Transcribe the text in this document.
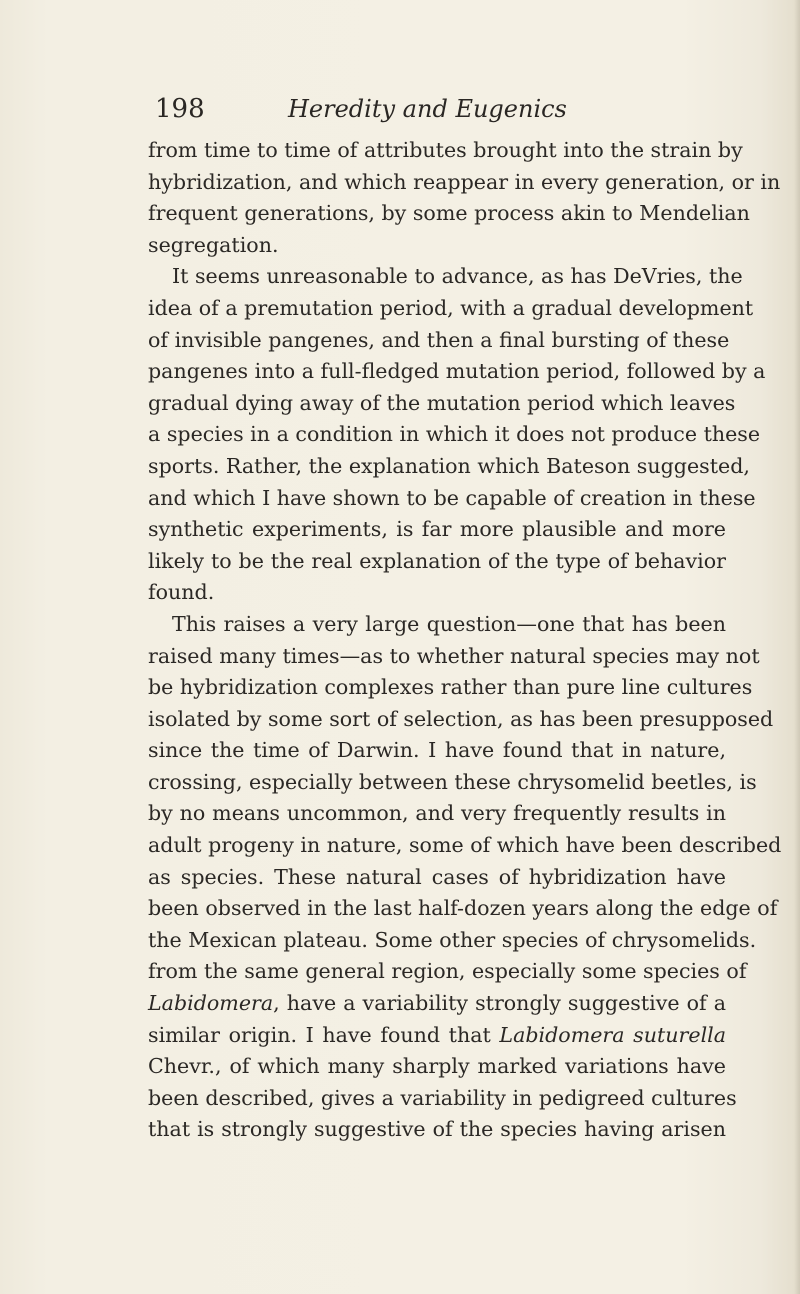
198	Heredity and Eugenics
from time to time of attributes brought into the strain by
hybridization, and which reappear in every generation, or in
frequent generations, by some process akin to Mendelian
segregation.
It seems unreasonable to advance, as has DeVries, the
idea of a premutation period, with a gradual development
of invisible pangenes, and then a final bursting of these
pangenes into a full-fledged mutation period, followed by a
gradual dying away of the mutation period which leaves
a species in a condition in which it does not produce these
sports. Rather, the explanation which Bateson suggested,
and which I have shown to be capable of creation in these
synthetic experiments, is far more plausible and more
likely to be the real explanation of the type of behavior
found.
This raises a very large question—one that has been
raised many times—as to whether natural species may not
be hybridization complexes rather than pure line cultures
isolated by some sort of selection, as has been presupposed
since the time of Darwin. I have found that in nature,
crossing, especially between these chrysomelid beetles, is
by no means uncommon, and very frequently results in
adult progeny in nature, some of which have been described
as species. These natural cases of hybridization have
been observed in the last half-dozen years along the edge of
the Mexican plateau. Some other species of chrysomelids.
from the same general region, especially some species of
Labidomera, have a variability strongly suggestive of a
similar origin. I have found that Labidomera suturella
Chevr., of which many sharply marked variations have
been described, gives a variability in pedigreed cultures
that is strongly suggestive of the species having arisen
